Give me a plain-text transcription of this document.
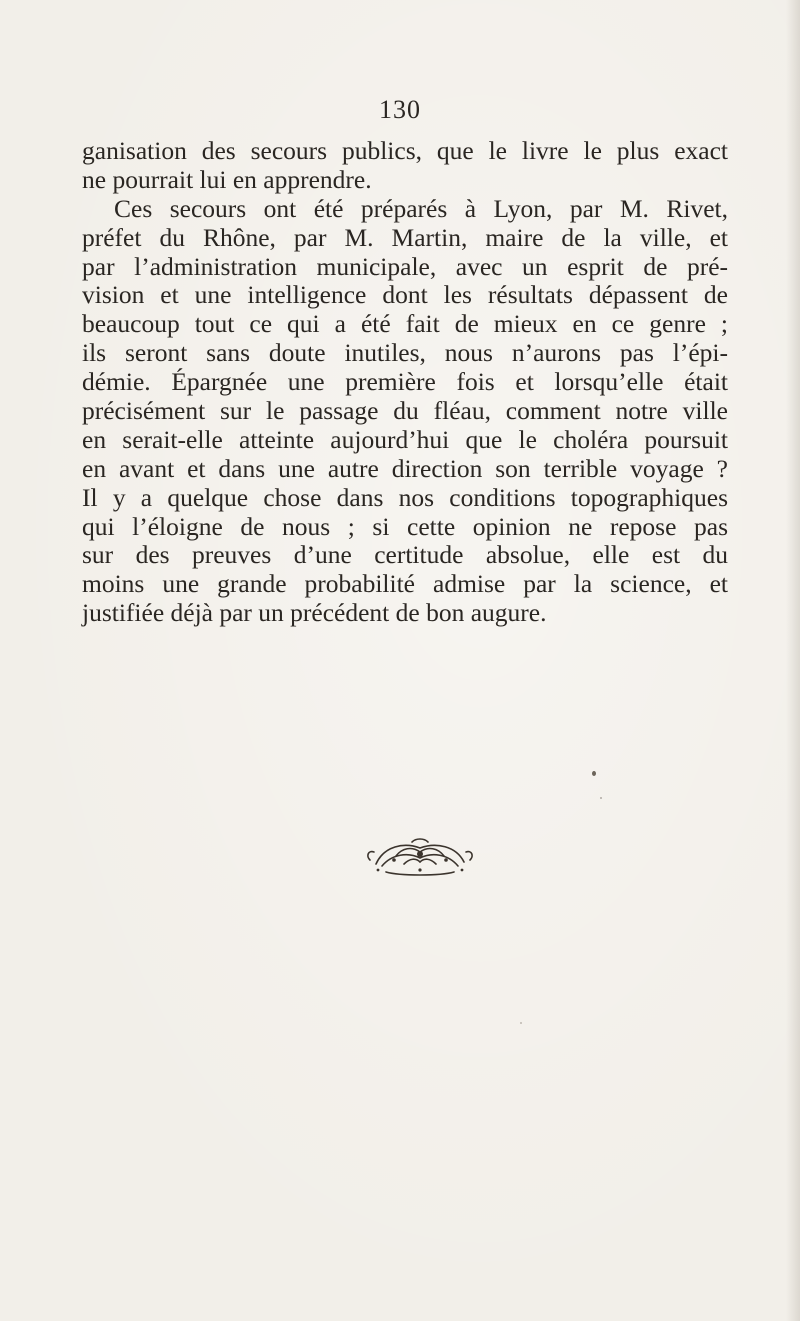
130
ganisation des secours publics, que le livre le plus exact
ne pourrait lui en apprendre.
Ces secours ont été préparés à Lyon, par M. Rivet,
préfet du Rhône, par M. Martin, maire de la ville, et
par l’administration municipale, avec un esprit de pré-
vision et une intelligence dont les résultats dépassent de
beaucoup tout ce qui a été fait de mieux en ce genre ;
ils seront sans doute inutiles, nous n’aurons pas l’épi-
démie. Épargnée une première fois et lorsqu’elle était
précisément sur le passage du fléau, comment notre ville
en serait-elle atteinte aujourd’hui que le choléra poursuit
en avant et dans une autre direction son terrible voyage ?
Il y a quelque chose dans nos conditions topographiques
qui l’éloigne de nous ; si cette opinion ne repose pas
sur des preuves d’une certitude absolue, elle est du
moins une grande probabilité admise par la science, et
justifiée déjà par un précédent de bon augure.
